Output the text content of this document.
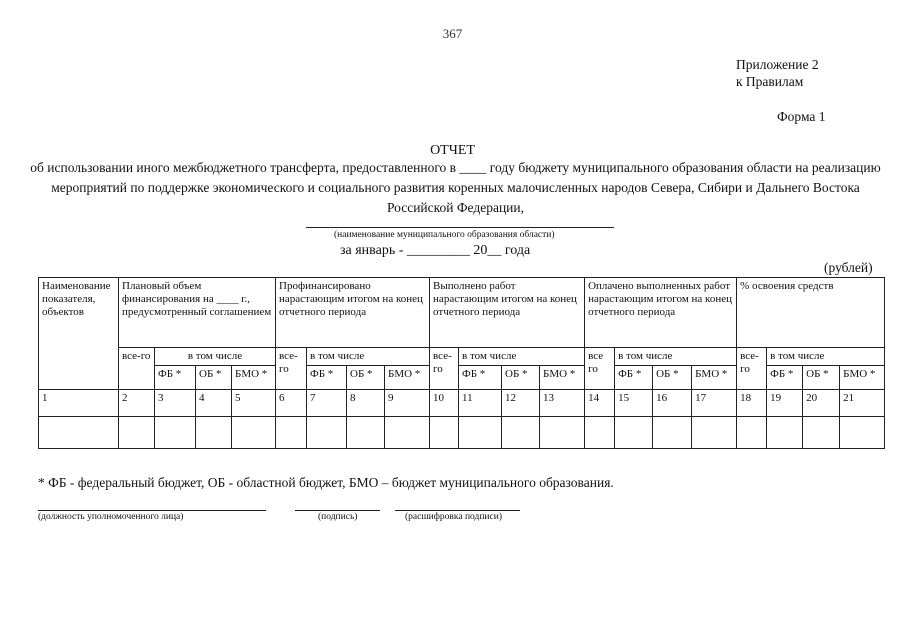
367
Приложение 2
к Правилам
Форма 1
ОТЧЕТ
об использовании иного межбюджетного трансферта, предоставленного в ____ году бюджету муниципального образования области на реализацию мероприятий по поддержке экономического и социального развития коренных малочисленных народов Севера, Сибири и Дальнего Востока Российской Федерации,
(наименование муниципального образования области)
за январь - _________ 20__ года
(рублей)
Наименование показателя, объектов	Плановый объем финансирования на ____ г., предусмотренный соглашением				Профинансировано нарастающим итогом на конец отчетного периода				Выполнено работ нарастающим итогом на конец отчетного периода				Оплачено выполненных работ нарастающим итогом на конец отчетного периода				% освоения средств			
	все-го	в том числе			все-го	в том числе			все-го	в том числе			все го	в том числе			все-го	в том числе		
		ФБ *	ОБ *	БМО *		ФБ *	ОБ *	БМО *		ФБ *	ОБ *	БМО *		ФБ *	ОБ *	БМО *		ФБ *	ОБ *	БМО *
1	2	3	4	5	6	7	8	9	10	11	12	13	14	15	16	17	18	19	20	21

* ФБ - федеральный бюджет, ОБ - областной бюджет, БМО – бюджет муниципального образования.
(должность уполномоченного лица)	(подпись)	(расшифровка подписи)
